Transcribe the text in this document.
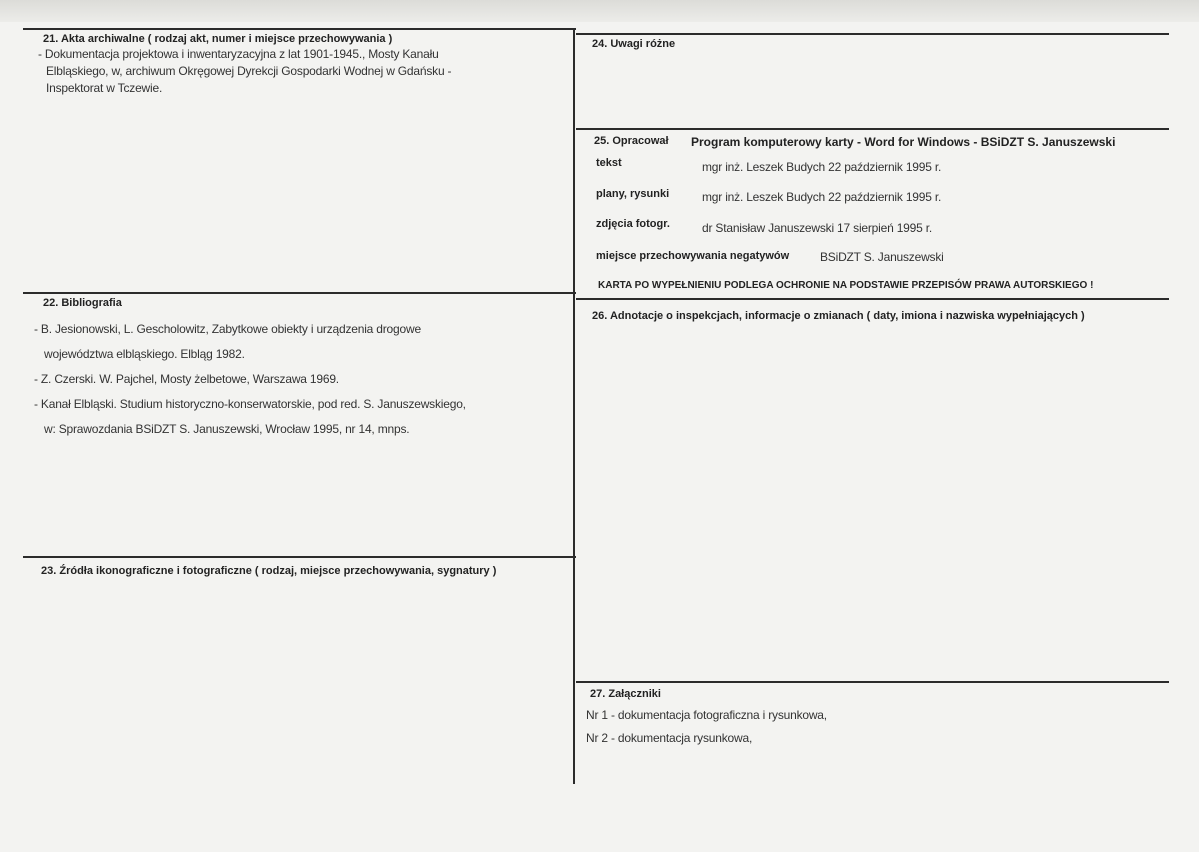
21. Akta archiwalne ( rodzaj akt, numer i miejsce przechowywania )
- Dokumentacja projektowa i inwentaryzacyjna z lat 1901-1945., Mosty Kanału
Elbląskiego, w, archiwum Okręgowej Dyrekcji Gospodarki Wodnej w Gdańsku -
Inspektorat w Tczewie.
24. Uwagi różne
25. Opracował Program komputerowy karty - Word for Windows - BSiDZT S. Januszewski
tekst	mgr inż. Leszek Budych 22 październik 1995 r.
plany, rysunki	mgr inż. Leszek Budych 22 październik 1995 r.
zdjęcia fotogr.	dr Stanisław Januszewski 17 sierpień 1995 r.
miejsce przechowywania negatywów	BSiDZT S. Januszewski
KARTA PO WYPEŁNIENIU PODLEGA OCHRONIE NA PODSTAWIE PRZEPISÓW PRAWA AUTORSKIEGO !
22. Bibliografia
- B. Jesionowski, L. Gescholowitz, Zabytkowe obiekty i urządzenia drogowe
województwa elbląskiego. Elbląg 1982.
- Z. Czerski. W. Pajchel, Mosty żelbetowe, Warszawa 1969.
- Kanał Elbląski. Studium historyczno-konserwatorskie, pod red. S. Januszewskiego,
w: Sprawozdania BSiDZT S. Januszewski, Wrocław 1995, nr 14, mnps.
26. Adnotacje o inspekcjach, informacje o zmianach ( daty, imiona i nazwiska wypełniających )
23. Źródła ikonograficzne i fotograficzne ( rodzaj, miejsce przechowywania, sygnatury )
27. Załączniki
Nr 1 - dokumentacja fotograficzna i rysunkowa,
Nr 2 - dokumentacja rysunkowa,
